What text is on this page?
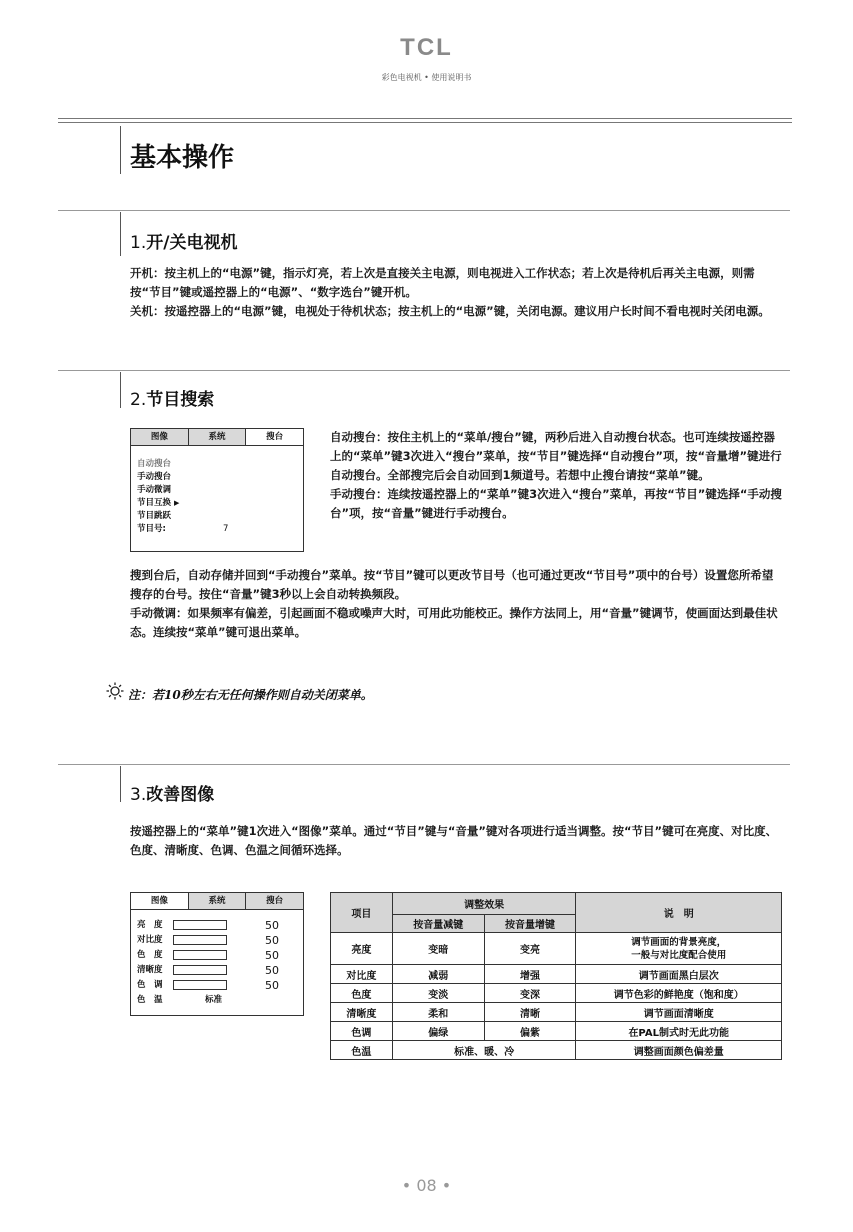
TCL
彩色电视机 • 使用说明书
基本操作
1.开/关电视机
开机：按主机上的“电源”键，指示灯亮，若上次是直接关主电源，则电视进入工作状态；若上次是待机后再关主电源，则需按“节目”键或遥控器上的“电源”、“数字选台”键开机。
关机：按遥控器上的“电源”键，电视处于待机状态；按主机上的“电源”键，关闭电源。建议用户长时间不看电视时关闭电源。
2.节目搜索
图像	系统	搜台
自动搜台
手动搜台
手动微调
节目互换 ▶
节目跳跃
节目号:	7
自动搜台：按住主机上的“菜单/搜台”键，两秒后进入自动搜台状态。也可连续按遥控器上的“菜单”键3次进入“搜台”菜单，按“节目”键选择“自动搜台”项，按“音量增”键进行自动搜台。全部搜完后会自动回到1频道号。若想中止搜台请按“菜单”键。
手动搜台：连续按遥控器上的“菜单”键3次进入“搜台”菜单，再按“节目”键选择“手动搜台”项，按“音量”键进行手动搜台。
搜到台后，自动存储并回到“手动搜台”菜单。按“节目”键可以更改节目号（也可通过更改“节目号”项中的台号）设置您所希望搜存的台号。按住“音量”键3秒以上会自动转换频段。
手动微调：如果频率有偏差，引起画面不稳或噪声大时，可用此功能校正。操作方法同上，用“音量”键调节，使画面达到最佳状态。连续按“菜单”键可退出菜单。
注：若10秒左右无任何操作则自动关闭菜单。
3.改善图像
按遥控器上的“菜单”键1次进入“图像”菜单。通过“节目”键与“音量”键对各项进行适当调整。按“节目”键可在亮度、对比度、色度、清晰度、色调、色温之间循环选择。
图像	系统	搜台
亮　度	50
对比度	50
色　度	50
清晰度	50
色　调	50
色　温	标准
项目	调整效果		说　明
	按音量减键	按音量增键	
亮度	变暗	变亮	调节画面的背景亮度，
一般与对比度配合使用
对比度	减弱	增强	调节画面黑白层次
色度	变淡	变深	调节色彩的鲜艳度（饱和度）
清晰度	柔和	清晰	调节画面清晰度
色调	偏绿	偏紫	在PAL制式时无此功能
色温	标准、暖、冷		调整画面颜色偏差量
• 08 •
